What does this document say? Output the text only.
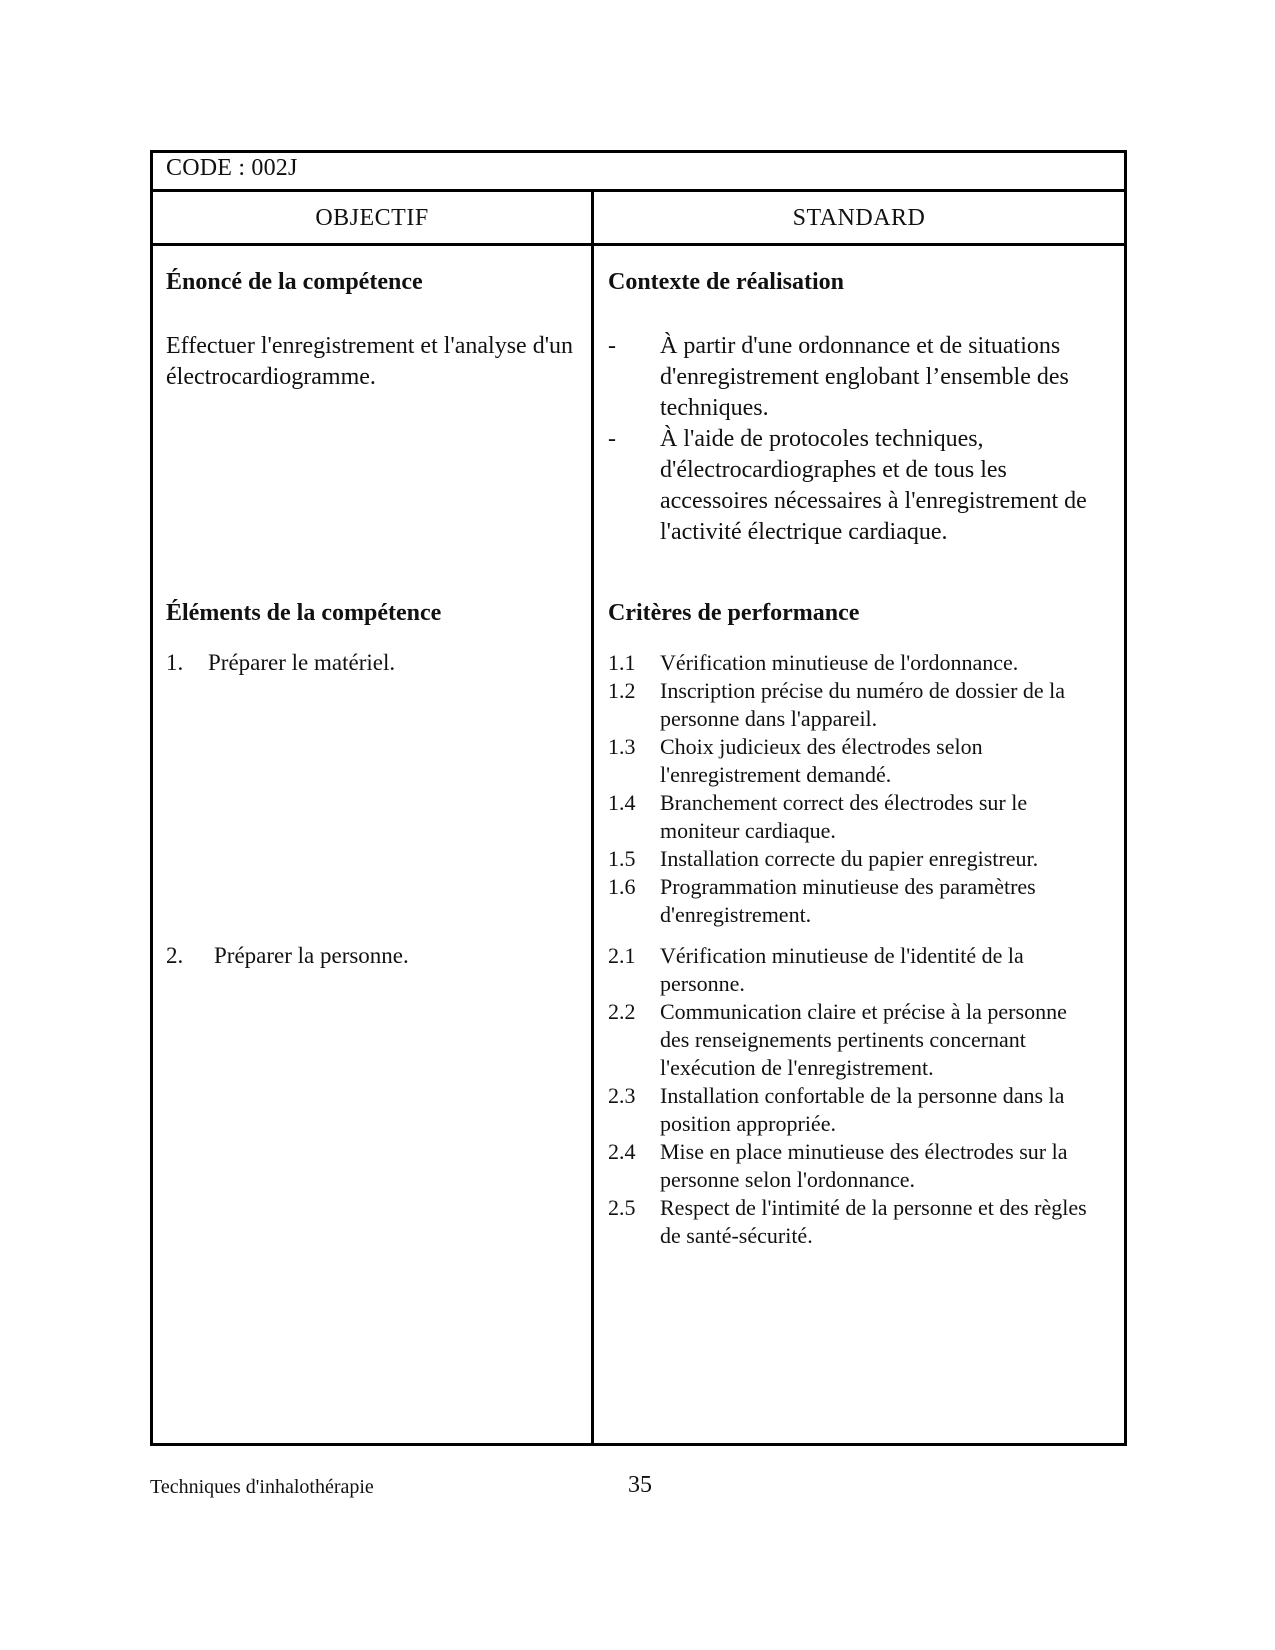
CODE : 002J
OBJECTIF	STANDARD
Énoncé de la compétence
Effectuer l'enregistrement et l'analyse d'un
électrocardiogramme.
Éléments de la compétence
1. Préparer le matériel.
2. Préparer la personne.
Contexte de réalisation
- À partir d'une ordonnance et de situations
d'enregistrement englobant l’ensemble des
techniques.
- À l'aide de protocoles techniques,
d'électrocardiographes et de tous les
accessoires nécessaires à l'enregistrement de
l'activité électrique cardiaque.
Critères de performance
1.1 Vérification minutieuse de l'ordonnance.
1.2 Inscription précise du numéro de dossier de la
personne dans l'appareil.
1.3 Choix judicieux des électrodes selon
l'enregistrement demandé.
1.4 Branchement correct des électrodes sur le
moniteur cardiaque.
1.5 Installation correcte du papier enregistreur.
1.6 Programmation minutieuse des paramètres
d'enregistrement.
2.1 Vérification minutieuse de l'identité de la
personne.
2.2 Communication claire et précise à la personne
des renseignements pertinents concernant
l'exécution de l'enregistrement.
2.3 Installation confortable de la personne dans la
position appropriée.
2.4 Mise en place minutieuse des électrodes sur la
personne selon l'ordonnance.
2.5 Respect de l'intimité de la personne et des règles
de santé-sécurité.
Techniques d'inhalothérapie	35
